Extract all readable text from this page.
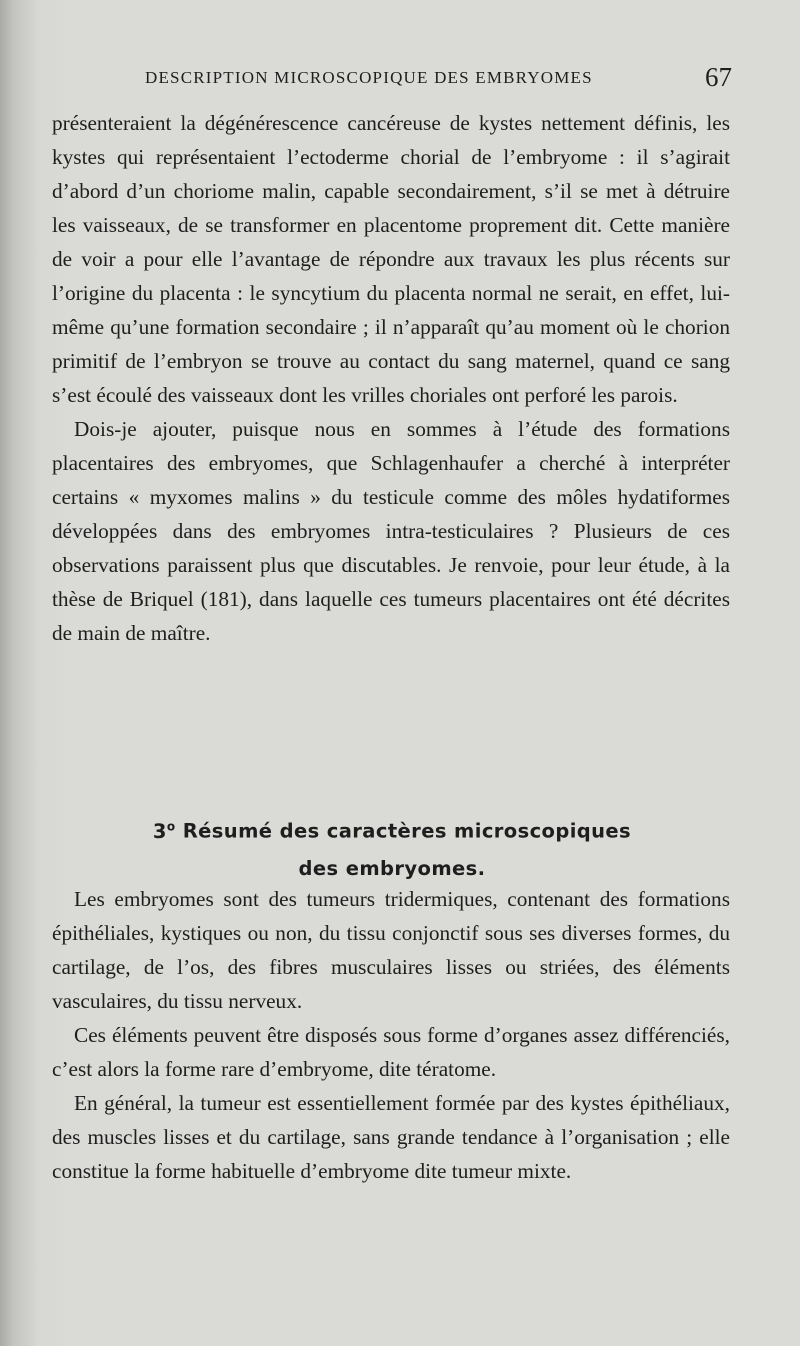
DESCRIPTION MICROSCOPIQUE DES EMBRYOMES	67

présenteraient la dégénérescence cancéreuse de kystes nettement définis, les kystes qui représentaient l’ectoderme chorial de l’embryome : il s’agirait d’abord d’un choriome malin, capable secondairement, s’il se met à détruire les vaisseaux, de se transformer en placentome proprement dit. Cette manière de voir a pour elle l’avantage de répondre aux travaux les plus récents sur l’origine du placenta : le syncytium du placenta normal ne serait, en effet, lui-même qu’une formation secondaire ; il n’apparaît qu’au moment où le chorion primitif de l’embryon se trouve au contact du sang maternel, quand ce sang s’est écoulé des vaisseaux dont les vrilles choriales ont perforé les parois.

Dois-je ajouter, puisque nous en sommes à l’étude des formations placentaires des embryomes, que Schlagenhaufer a cherché à interpréter certains « myxomes malins » du testicule comme des môles hydatiformes développées dans des embryomes intra-testiculaires ? Plusieurs de ces observations paraissent plus que discutables. Je renvoie, pour leur étude, à la thèse de Briquel (181), dans laquelle ces tumeurs placentaires ont été décrites de main de maître.

3$^o$ Résumé des caractères microscopiques
des embryomes.

Les embryomes sont des tumeurs tridermiques, contenant des formations épithéliales, kystiques ou non, du tissu conjonctif sous ses diverses formes, du cartilage, de l’os, des fibres musculaires lisses ou striées, des éléments vasculaires, du tissu nerveux.

Ces éléments peuvent être disposés sous forme d’organes assez différenciés, c’est alors la forme rare d’embryome, dite tératome.

En général, la tumeur est essentiellement formée par des kystes épithéliaux, des muscles lisses et du cartilage, sans grande tendance à l’organisation ; elle constitue la forme habituelle d’embryome dite tumeur mixte.
